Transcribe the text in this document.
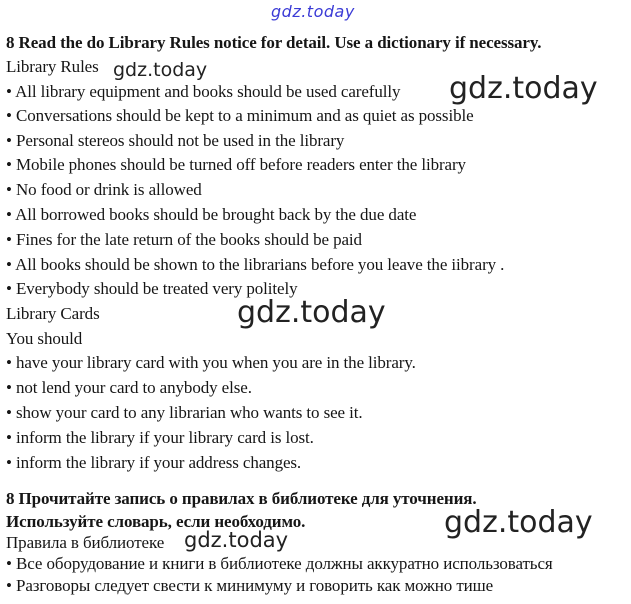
gdz.today
8 Read the do Library Rules notice for detail. Use a dictionary if necessary.
Library Rules gdz.today
• All library equipment and books should be used carefully gdz.today
• Conversations should be kept to a minimum and as quiet as possible
• Personal stereos should not be used in the library
• Mobile phones should be turned off before readers enter the library
• No food or drink is allowed
• All borrowed books should be brought back by the due date
• Fines for the late return of the books should be paid
• All books should be shown to the librarians before you leave the iibrary .
• Everybody should be treated very politely
Library Cards	gdz.today
You should
• have your library card with you when you are in the library.
• not lend your card to anybody else.
• show your card to any librarian who wants to see it.
• inform the library if your library card is lost.
• inform the library if your address changes.
8 Прочитайте запись о правилах в библиотеке для уточнения.
Используйте словарь, если необходимо.	gdz.today
Правила в библиотеке gdz.today
• Все оборудование и книги в библиотеке должны аккуратно использоваться
• Разговоры следует свести к минимуму и говорить как можно тише
